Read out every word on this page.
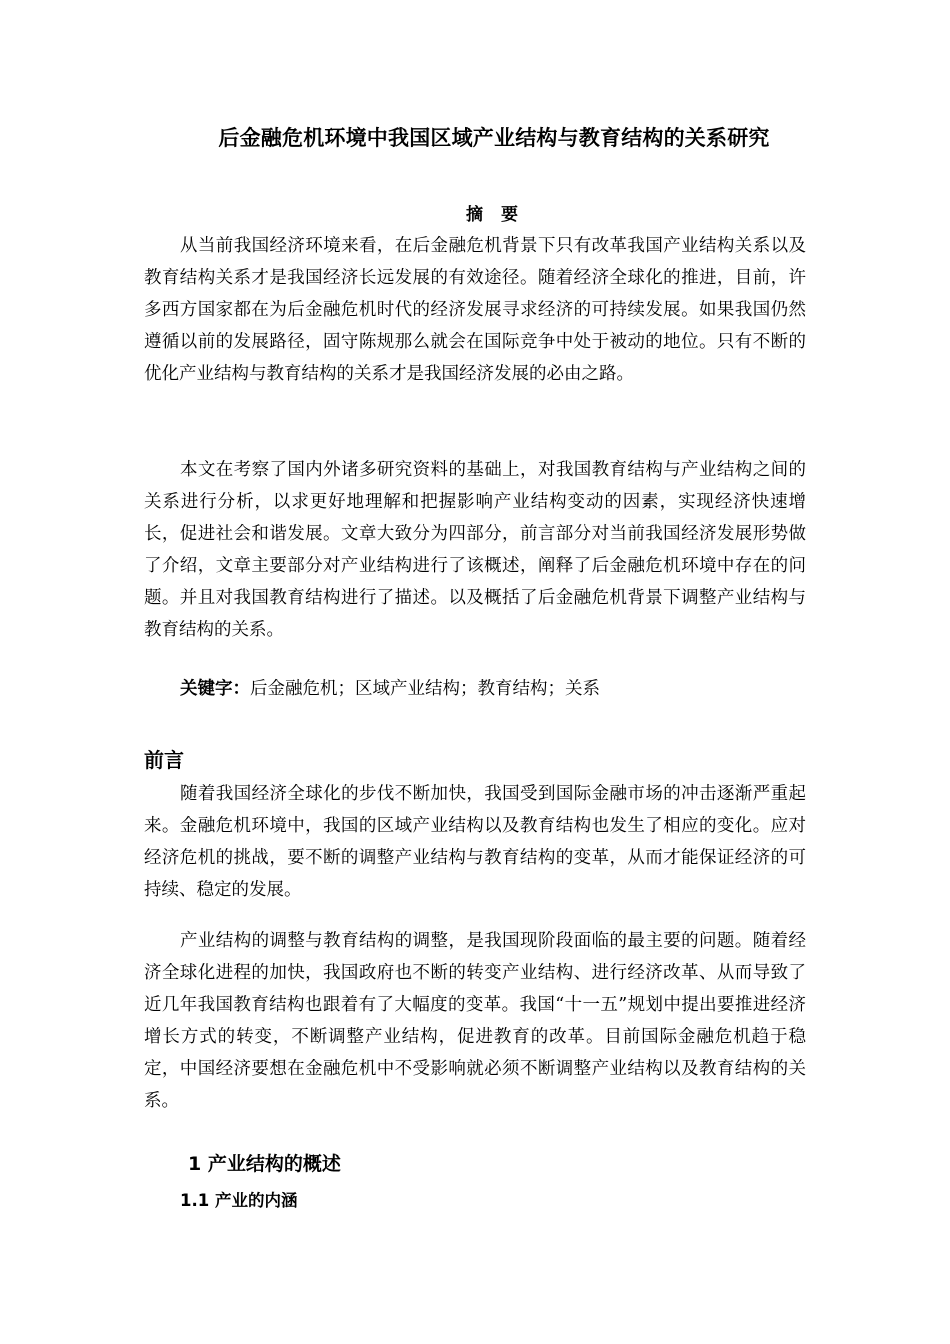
后金融危机环境中我国区域产业结构与教育结构的关系研究
摘 要
从当前我国经济环境来看，在后金融危机背景下只有改革我国产业结构关系以及教育结构关系才是我国经济长远发展的有效途径。随着经济全球化的推进，目前，许多西方国家都在为后金融危机时代的经济发展寻求经济的可持续发展。如果我国仍然遵循以前的发展路径，固守陈规那么就会在国际竞争中处于被动的地位。只有不断的优化产业结构与教育结构的关系才是我国经济发展的必由之路。
本文在考察了国内外诸多研究资料的基础上，对我国教育结构与产业结构之间的关系进行分析，以求更好地理解和把握影响产业结构变动的因素，实现经济快速增长，促进社会和谐发展。文章大致分为四部分，前言部分对当前我国经济发展形势做了介绍，文章主要部分对产业结构进行了该概述，阐释了后金融危机环境中存在的问题。并且对我国教育结构进行了描述。以及概括了后金融危机背景下调整产业结构与教育结构的关系。
关键字：后金融危机；区域产业结构；教育结构；关系
前言
随着我国经济全球化的步伐不断加快，我国受到国际金融市场的冲击逐渐严重起来。金融危机环境中，我国的区域产业结构以及教育结构也发生了相应的变化。应对经济危机的挑战，要不断的调整产业结构与教育结构的变革，从而才能保证经济的可持续、稳定的发展。
产业结构的调整与教育结构的调整，是我国现阶段面临的最主要的问题。随着经济全球化进程的加快，我国政府也不断的转变产业结构、进行经济改革、从而导致了近几年我国教育结构也跟着有了大幅度的变革。我国“十一五”规划中提出要推进经济增长方式的转变，不断调整产业结构，促进教育的改革。目前国际金融危机趋于稳定，中国经济要想在金融危机中不受影响就必须不断调整产业结构以及教育结构的关系。
1 产业结构的概述
1.1 产业的内涵
